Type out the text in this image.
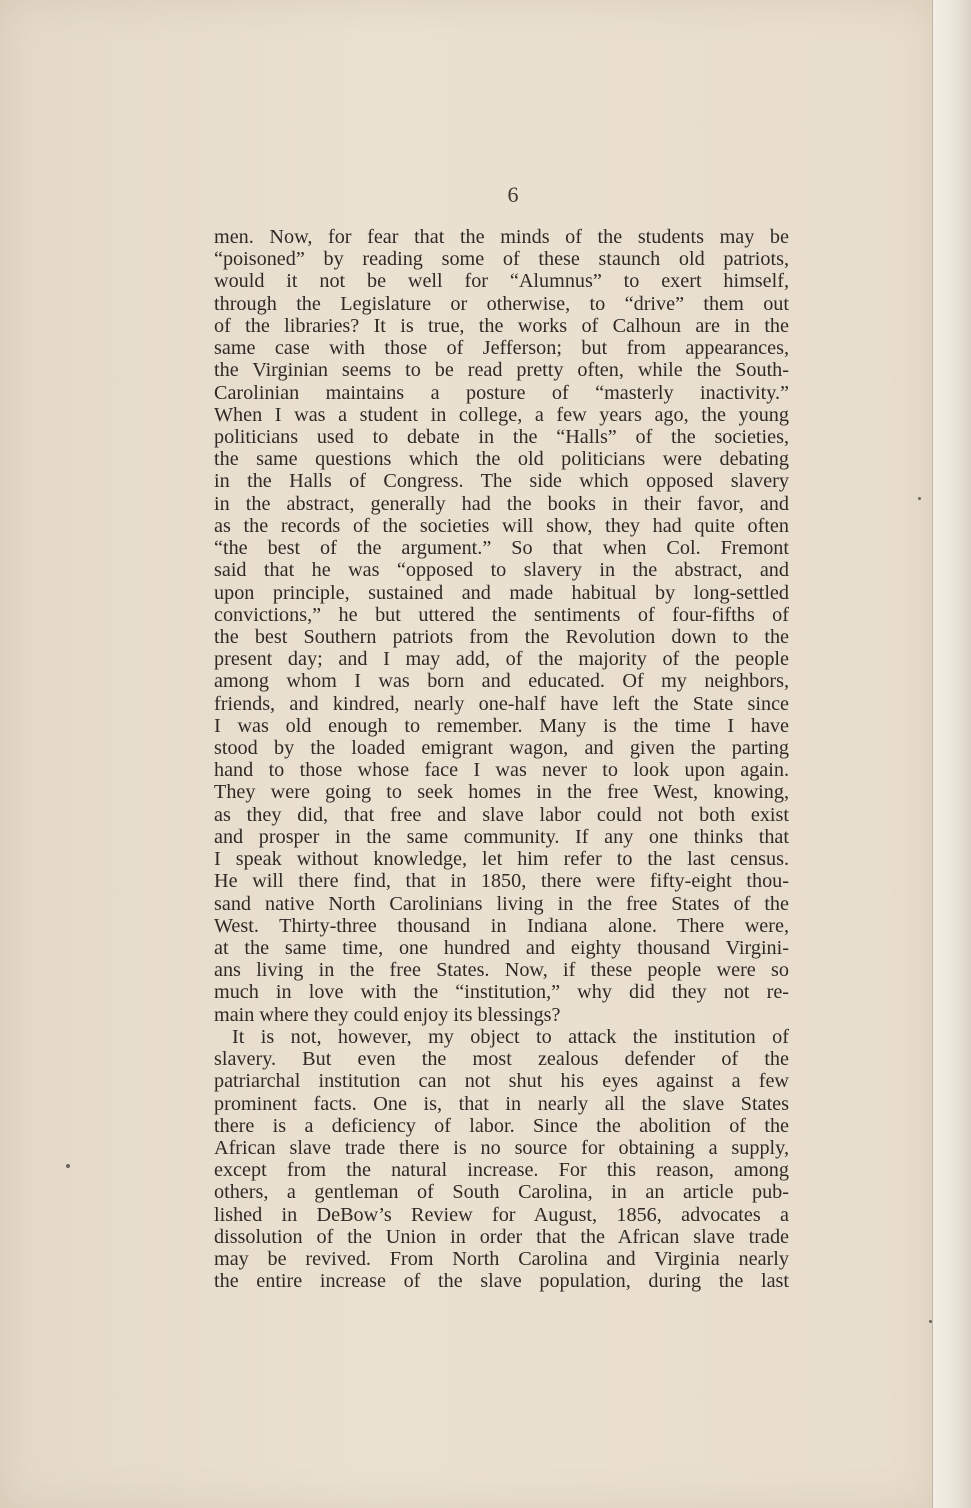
6
men. Now, for fear that the minds of the students may be
“poisoned” by reading some of these staunch old patriots,
would it not be well for “Alumnus” to exert himself,
through the Legislature or otherwise, to “drive” them out
of the libraries? It is true, the works of Calhoun are in the
same case with those of Jefferson; but from appearances,
the Virginian seems to be read pretty often, while the South-
Carolinian maintains a posture of “masterly inactivity.”
When I was a student in college, a few years ago, the young
politicians used to debate in the “Halls” of the societies,
the same questions which the old politicians were debating
in the Halls of Congress. The side which opposed slavery
in the abstract, generally had the books in their favor, and
as the records of the societies will show, they had quite often
“the best of the argument.” So that when Col. Fremont
said that he was “opposed to slavery in the abstract, and
upon principle, sustained and made habitual by long-settled
convictions,” he but uttered the sentiments of four-fifths of
the best Southern patriots from the Revolution down to the
present day; and I may add, of the majority of the people
among whom I was born and educated. Of my neighbors,
friends, and kindred, nearly one-half have left the State since
I was old enough to remember. Many is the time I have
stood by the loaded emigrant wagon, and given the parting
hand to those whose face I was never to look upon again.
They were going to seek homes in the free West, knowing,
as they did, that free and slave labor could not both exist
and prosper in the same community. If any one thinks that
I speak without knowledge, let him refer to the last census.
He will there find, that in 1850, there were fifty-eight thou-
sand native North Carolinians living in the free States of the
West. Thirty-three thousand in Indiana alone. There were,
at the same time, one hundred and eighty thousand Virgini-
ans living in the free States. Now, if these people were so
much in love with the “institution,” why did they not re-
main where they could enjoy its blessings?
It is not, however, my object to attack the institution of
slavery. But even the most zealous defender of the
patriarchal institution can not shut his eyes against a few
prominent facts. One is, that in nearly all the slave States
there is a deficiency of labor. Since the abolition of the
African slave trade there is no source for obtaining a supply,
except from the natural increase. For this reason, among
others, a gentleman of South Carolina, in an article pub-
lished in DeBow’s Review for August, 1856, advocates a
dissolution of the Union in order that the African slave trade
may be revived. From North Carolina and Virginia nearly
the entire increase of the slave population, during the last
